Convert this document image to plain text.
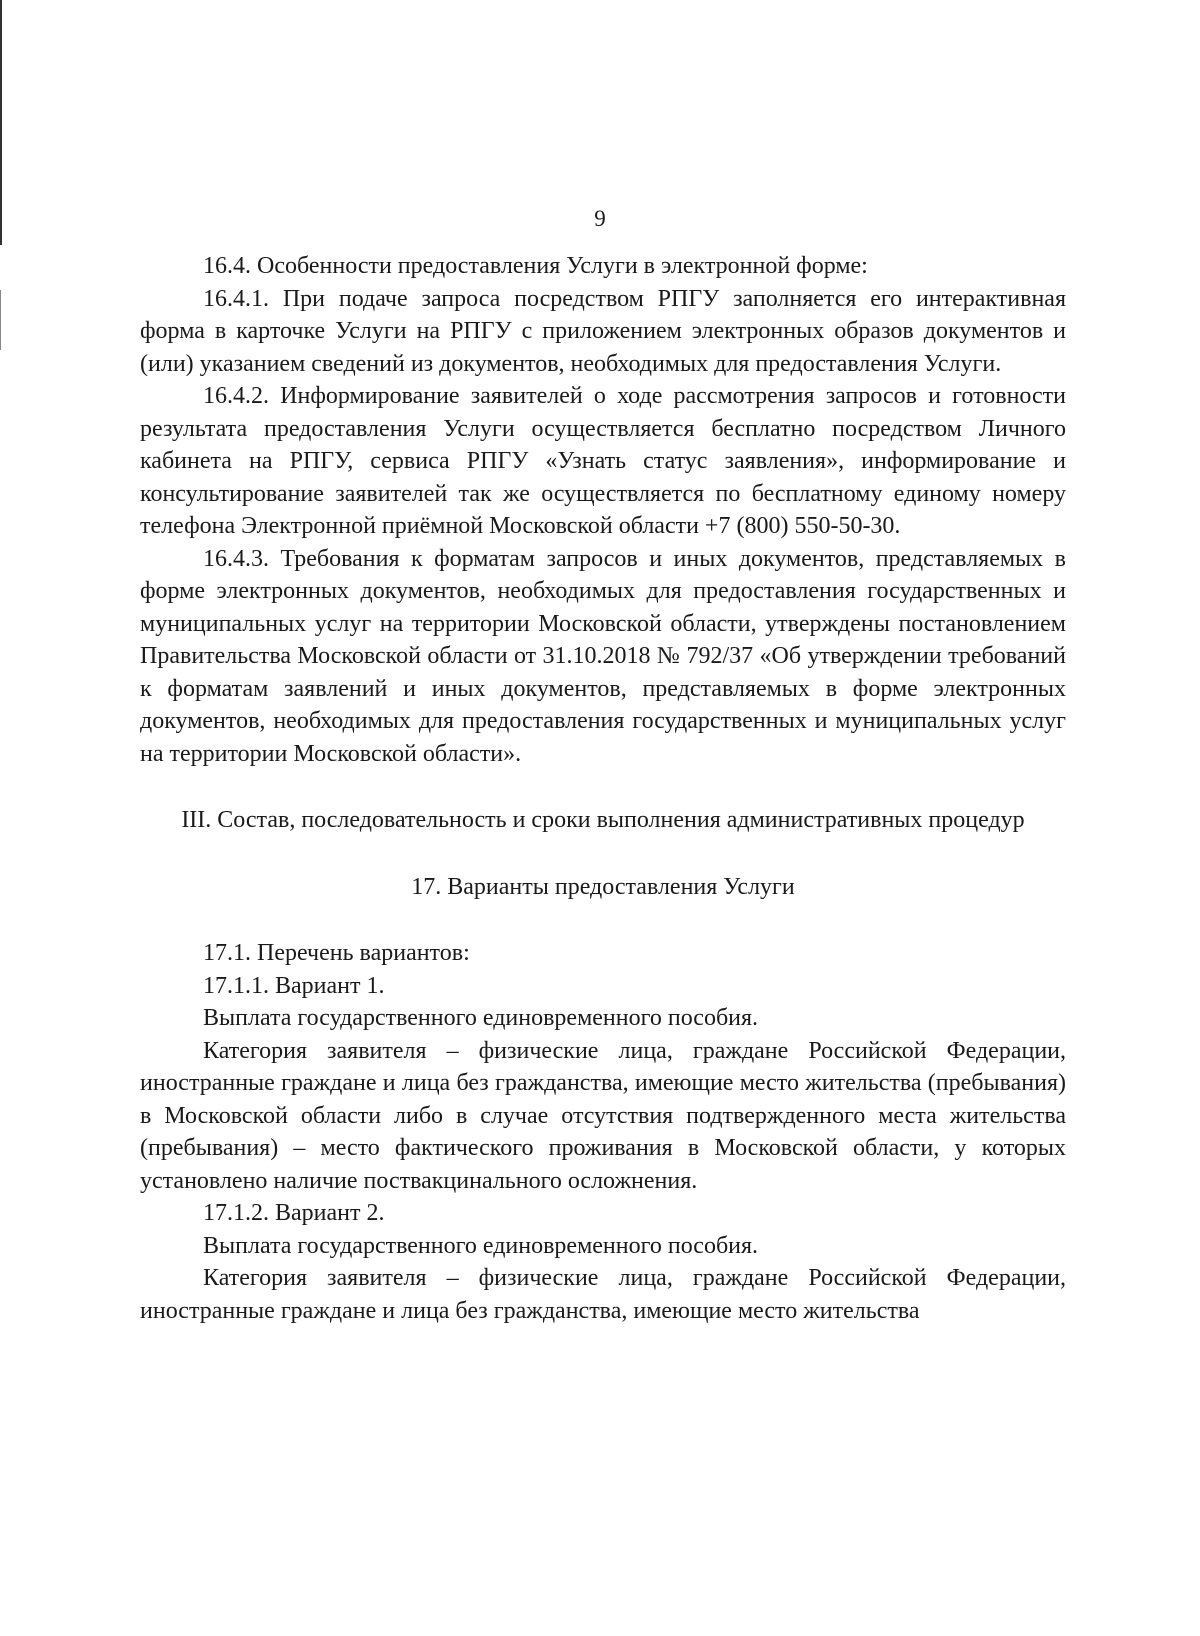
9

16.4. Особенности предоставления Услуги в электронной форме:

16.4.1. При подаче запроса посредством РПГУ заполняется его интерактивная форма в карточке Услуги на РПГУ с приложением электронных образов документов и (или) указанием сведений из документов, необходимых для предоставления Услуги.

16.4.2. Информирование заявителей о ходе рассмотрения запросов и готовности результата предоставления Услуги осуществляется бесплатно посредством Личного кабинета на РПГУ, сервиса РПГУ «Узнать статус заявления», информирование и консультирование заявителей так же осуществляется по бесплатному единому номеру телефона Электронной приёмной Московской области +7 (800) 550-50-30.

16.4.3. Требования к форматам запросов и иных документов, представляемых в форме электронных документов, необходимых для предоставления государственных и муниципальных услуг на территории Московской области, утверждены постановлением Правительства Московской области от 31.10.2018 № 792/37 «Об утверждении требований к форматам заявлений и иных документов, представляемых в форме электронных документов, необходимых для предоставления государственных и муниципальных услуг на территории Московской области».

III. Состав, последовательность и сроки выполнения административных процедур

17. Варианты предоставления Услуги

17.1. Перечень вариантов:

17.1.1. Вариант 1.

Выплата государственного единовременного пособия.

Категория заявителя – физические лица, граждане Российской Федерации, иностранные граждане и лица без гражданства, имеющие место жительства (пребывания) в Московской области либо в случае отсутствия подтвержденного места жительства (пребывания) – место фактического проживания в Московской области, у которых установлено наличие поствакцинального осложнения.

17.1.2. Вариант 2.

Выплата государственного единовременного пособия.

Категория заявителя – физические лица, граждане Российской Федерации, иностранные граждане и лица без гражданства, имеющие место жительства
